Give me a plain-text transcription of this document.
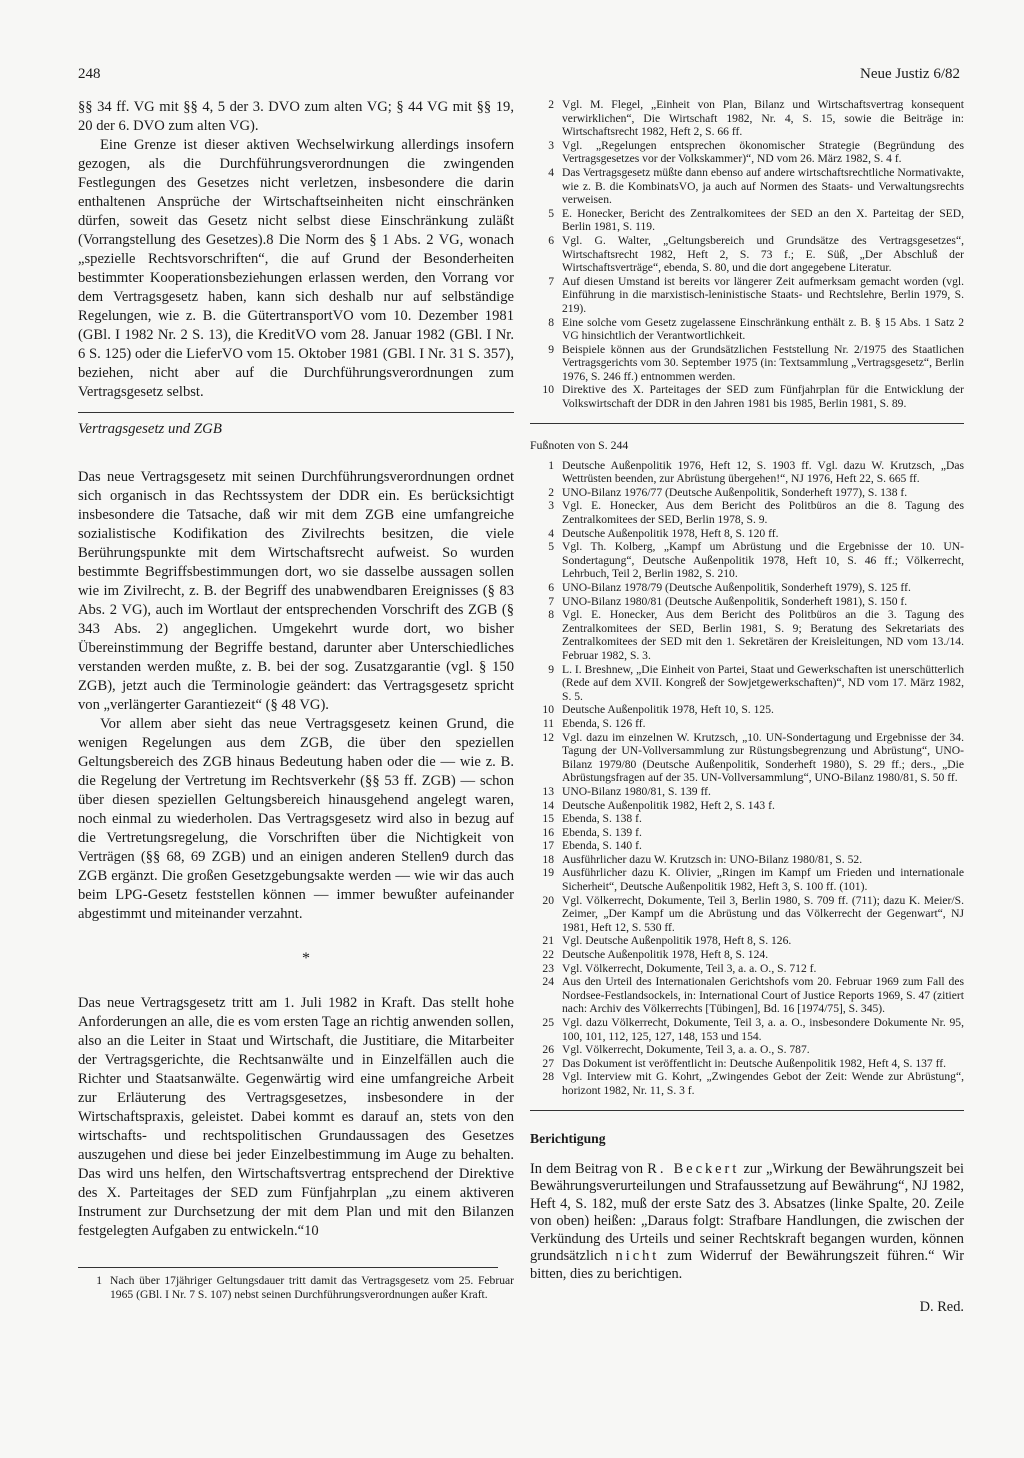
248	Neue Justiz 6/82

§§ 34 ff. VG mit §§ 4, 5 der 3. DVO zum alten VG; § 44 VG mit §§ 19, 20 der 6. DVO zum alten VG).

Eine Grenze ist dieser aktiven Wechselwirkung allerdings insofern gezogen, als die Durchführungsverordnungen die zwingenden Festlegungen des Gesetzes nicht verletzen, insbesondere die darin enthaltenen Ansprüche der Wirtschaftseinheiten nicht einschränken dürfen, soweit das Gesetz nicht selbst diese Einschränkung zuläßt (Vorrangstellung des Gesetzes).8 Die Norm des § 1 Abs. 2 VG, wonach „spezielle Rechtsvorschriften“, die auf Grund der Besonderheiten bestimmter Kooperationsbeziehungen erlassen werden, den Vorrang vor dem Vertragsgesetz haben, kann sich deshalb nur auf selbständige Regelungen, wie z. B. die GütertransportVO vom 10. Dezember 1981 (GBl. I 1982 Nr. 2 S. 13), die KreditVO vom 28. Januar 1982 (GBl. I Nr. 6 S. 125) oder die LieferVO vom 15. Oktober 1981 (GBl. I Nr. 31 S. 357), beziehen, nicht aber auf die Durchführungsverordnungen zum Vertragsgesetz selbst.

Vertragsgesetz und ZGB

Das neue Vertragsgesetz mit seinen Durchführungsverordnungen ordnet sich organisch in das Rechtssystem der DDR ein. Es berücksichtigt insbesondere die Tatsache, daß wir mit dem ZGB eine umfangreiche sozialistische Kodifikation des Zivilrechts besitzen, die viele Berührungspunkte mit dem Wirtschaftsrecht aufweist. So wurden bestimmte Begriffsbestimmungen dort, wo sie dasselbe aussagen sollen wie im Zivilrecht, z. B. der Begriff des unabwendbaren Ereignisses (§ 83 Abs. 2 VG), auch im Wortlaut der entsprechenden Vorschrift des ZGB (§ 343 Abs. 2) angeglichen. Umgekehrt wurde dort, wo bisher Übereinstimmung der Begriffe bestand, darunter aber Unterschiedliches verstanden werden mußte, z. B. bei der sog. Zusatzgarantie (vgl. § 150 ZGB), jetzt auch die Terminologie geändert: das Vertragsgesetz spricht von „verlängerter Garantiezeit“ (§ 48 VG).

Vor allem aber sieht das neue Vertragsgesetz keinen Grund, die wenigen Regelungen aus dem ZGB, die über den speziellen Geltungsbereich des ZGB hinaus Bedeutung haben oder die — wie z. B. die Regelung der Vertretung im Rechtsverkehr (§§ 53 ff. ZGB) — schon über diesen speziellen Geltungsbereich hinausgehend angelegt waren, noch einmal zu wiederholen. Das Vertragsgesetz wird also in bezug auf die Vertretungsregelung, die Vorschriften über die Nichtigkeit von Verträgen (§§ 68, 69 ZGB) und an einigen anderen Stellen9 durch das ZGB ergänzt. Die großen Gesetzgebungsakte werden — wie wir das auch beim LPG-Gesetz feststellen können — immer bewußter aufeinander abgestimmt und miteinander verzahnt.

*

Das neue Vertragsgesetz tritt am 1. Juli 1982 in Kraft. Das stellt hohe Anforderungen an alle, die es vom ersten Tage an richtig anwenden sollen, also an die Leiter in Staat und Wirtschaft, die Justitiare, die Mitarbeiter der Vertragsgerichte, die Rechtsanwälte und in Einzelfällen auch die Richter und Staatsanwälte. Gegenwärtig wird eine umfangreiche Arbeit zur Erläuterung des Vertragsgesetzes, insbesondere in der Wirtschaftspraxis, geleistet. Dabei kommt es darauf an, stets von den wirtschafts- und rechtspolitischen Grundaussagen des Gesetzes auszugehen und diese bei jeder Einzelbestimmung im Auge zu behalten. Das wird uns helfen, den Wirtschaftsvertrag entsprechend der Direktive des X. Parteitages der SED zum Fünfjahrplan „zu einem aktiveren Instrument zur Durchsetzung der mit dem Plan und mit den Bilanzen festgelegten Aufgaben zu entwickeln.“10

1 Nach über 17jähriger Geltungsdauer tritt damit das Vertragsgesetz vom 25. Februar 1965 (GBl. I Nr. 7 S. 107) nebst seinen Durchführungsverordnungen außer Kraft.
2 Vgl. M. Flegel, „Einheit von Plan, Bilanz und Wirtschaftsvertrag konsequent verwirklichen“, Die Wirtschaft 1982, Nr. 4, S. 15, sowie die Beiträge in: Wirtschaftsrecht 1982, Heft 2, S. 66 ff.
3 Vgl. „Regelungen entsprechen ökonomischer Strategie (Begründung des Vertragsgesetzes vor der Volkskammer)“, ND vom 26. März 1982, S. 4 f.
4 Das Vertragsgesetz müßte dann ebenso auf andere wirtschaftsrechtliche Normativakte, wie z. B. die KombinatsVO, ja auch auf Normen des Staats- und Verwaltungsrechts verweisen.
5 E. Honecker, Bericht des Zentralkomitees der SED an den X. Parteitag der SED, Berlin 1981, S. 119.
6 Vgl. G. Walter, „Geltungsbereich und Grundsätze des Vertragsgesetzes“, Wirtschaftsrecht 1982, Heft 2, S. 73 f.; E. Süß, „Der Abschluß der Wirtschaftsverträge“, ebenda, S. 80, und die dort angegebene Literatur.
7 Auf diesen Umstand ist bereits vor längerer Zeit aufmerksam gemacht worden (vgl. Einführung in die marxistisch-leninistische Staats- und Rechtslehre, Berlin 1979, S. 219).
8 Eine solche vom Gesetz zugelassene Einschränkung enthält z. B. § 15 Abs. 1 Satz 2 VG hinsichtlich der Verantwortlichkeit.
9 Beispiele können aus der Grundsätzlichen Feststellung Nr. 2/1975 des Staatlichen Vertragsgerichts vom 30. September 1975 (in: Textsammlung „Vertragsgesetz“, Berlin 1976, S. 246 ff.) entnommen werden.
10 Direktive des X. Parteitages der SED zum Fünfjahrplan für die Entwicklung der Volkswirtschaft der DDR in den Jahren 1981 bis 1985, Berlin 1981, S. 89.
Fußnoten von S. 244
1 Deutsche Außenpolitik 1976, Heft 12, S. 1903 ff. Vgl. dazu W. Krutzsch, „Das Wettrüsten beenden, zur Abrüstung übergehen!“, NJ 1976, Heft 22, S. 665 ff.
2 UNO-Bilanz 1976/77 (Deutsche Außenpolitik, Sonderheft 1977), S. 138 f.
3 Vgl. E. Honecker, Aus dem Bericht des Politbüros an die 8. Tagung des Zentralkomitees der SED, Berlin 1978, S. 9.
4 Deutsche Außenpolitik 1978, Heft 8, S. 120 ff.
5 Vgl. Th. Kolberg, „Kampf um Abrüstung und die Ergebnisse der 10. UN-Sondertagung“, Deutsche Außenpolitik 1978, Heft 10, S. 46 ff.; Völkerrecht, Lehrbuch, Teil 2, Berlin 1982, S. 210.
6 UNO-Bilanz 1978/79 (Deutsche Außenpolitik, Sonderheft 1979), S. 125 ff.
7 UNO-Bilanz 1980/81 (Deutsche Außenpolitik, Sonderheft 1981), S. 150 f.
8 Vgl. E. Honecker, Aus dem Bericht des Politbüros an die 3. Tagung des Zentralkomitees der SED, Berlin 1981, S. 9; Beratung des Sekretariats des Zentralkomitees der SED mit den 1. Sekretären der Kreisleitungen, ND vom 13./14. Februar 1982, S. 3.
9 L. I. Breshnew, „Die Einheit von Partei, Staat und Gewerkschaften ist unerschütterlich (Rede auf dem XVII. Kongreß der Sowjetgewerkschaften)“, ND vom 17. März 1982, S. 5.
10 Deutsche Außenpolitik 1978, Heft 10, S. 125.
11 Ebenda, S. 126 ff.
12 Vgl. dazu im einzelnen W. Krutzsch, „10. UN-Sondertagung und Ergebnisse der 34. Tagung der UN-Vollversammlung zur Rüstungsbegrenzung und Abrüstung“, UNO-Bilanz 1979/80 (Deutsche Außenpolitik, Sonderheft 1980), S. 29 ff.; ders., „Die Abrüstungsfragen auf der 35. UN-Vollversammlung“, UNO-Bilanz 1980/81, S. 50 ff.
13 UNO-Bilanz 1980/81, S. 139 ff.
14 Deutsche Außenpolitik 1982, Heft 2, S. 143 f.
15 Ebenda, S. 138 f.
16 Ebenda, S. 139 f.
17 Ebenda, S. 140 f.
18 Ausführlicher dazu W. Krutzsch in: UNO-Bilanz 1980/81, S. 52.
19 Ausführlicher dazu K. Olivier, „Ringen im Kampf um Frieden und internationale Sicherheit“, Deutsche Außenpolitik 1982, Heft 3, S. 100 ff. (101).
20 Vgl. Völkerrecht, Dokumente, Teil 3, Berlin 1980, S. 709 ff. (711); dazu K. Meier/S. Zeimer, „Der Kampf um die Abrüstung und das Völkerrecht der Gegenwart“, NJ 1981, Heft 12, S. 530 ff.
21 Vgl. Deutsche Außenpolitik 1978, Heft 8, S. 126.
22 Deutsche Außenpolitik 1978, Heft 8, S. 124.
23 Vgl. Völkerrecht, Dokumente, Teil 3, a. a. O., S. 712 f.
24 Aus den Urteil des Internationalen Gerichtshofs vom 20. Februar 1969 zum Fall des Nordsee-Festlandsockels, in: International Court of Justice Reports 1969, S. 47 (zitiert nach: Archiv des Völkerrechts [Tübingen], Bd. 16 [1974/75], S. 345).
25 Vgl. dazu Völkerrecht, Dokumente, Teil 3, a. a. O., insbesondere Dokumente Nr. 95, 100, 101, 112, 125, 127, 148, 153 und 154.
26 Vgl. Völkerrecht, Dokumente, Teil 3, a. a. O., S. 787.
27 Das Dokument ist veröffentlicht in: Deutsche Außenpolitik 1982, Heft 4, S. 137 ff.
28 Vgl. Interview mit G. Kohrt, „Zwingendes Gebot der Zeit: Wende zur Abrüstung“, horizont 1982, Nr. 11, S. 3 f.
Berichtigung

In dem Beitrag von R. Beckert zur „Wirkung der Bewährungszeit bei Bewährungsverurteilungen und Strafaussetzung auf Bewährung“, NJ 1982, Heft 4, S. 182, muß der erste Satz des 3. Absatzes (linke Spalte, 20. Zeile von oben) heißen: „Daraus folgt: Strafbare Handlungen, die zwischen der Verkündung des Urteils und seiner Rechtskraft begangen wurden, können grundsätzlich nicht zum Widerruf der Bewährungszeit führen.“ Wir bitten, dies zu berichtigen.

D. Red.
